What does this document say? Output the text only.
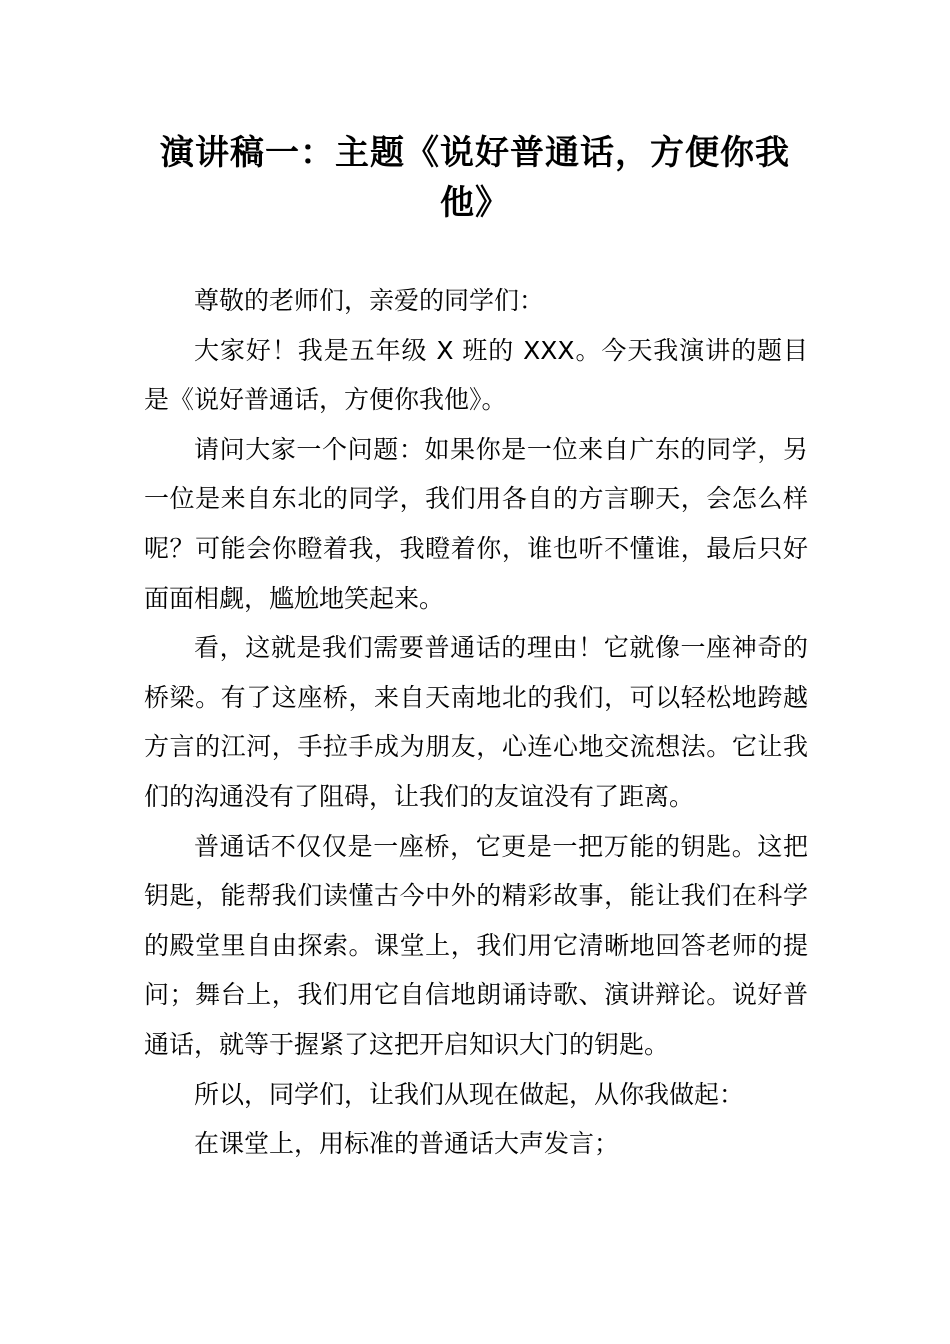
演讲稿一：主题《说好普通话，方便你我
他》

尊敬的老师们，亲爱的同学们：

大家好！我是五年级 X 班的 XXX。今天我演讲的题目是《说好普通话，方便你我他》。

请问大家一个问题：如果你是一位来自广东的同学，另一位是来自东北的同学，我们用各自的方言聊天，会怎么样呢？可能会你瞪着我，我瞪着你，谁也听不懂谁，最后只好面面相觑，尴尬地笑起来。

看，这就是我们需要普通话的理由！它就像一座神奇的桥梁。有了这座桥，来自天南地北的我们，可以轻松地跨越方言的江河，手拉手成为朋友，心连心地交流想法。它让我们的沟通没有了阻碍，让我们的友谊没有了距离。

普通话不仅仅是一座桥，它更是一把万能的钥匙。这把钥匙，能帮我们读懂古今中外的精彩故事，能让我们在科学的殿堂里自由探索。课堂上，我们用它清晰地回答老师的提问；舞台上，我们用它自信地朗诵诗歌、演讲辩论。说好普通话，就等于握紧了这把开启知识大门的钥匙。

所以，同学们，让我们从现在做起，从你我做起：

在课堂上，用标准的普通话大声发言；
